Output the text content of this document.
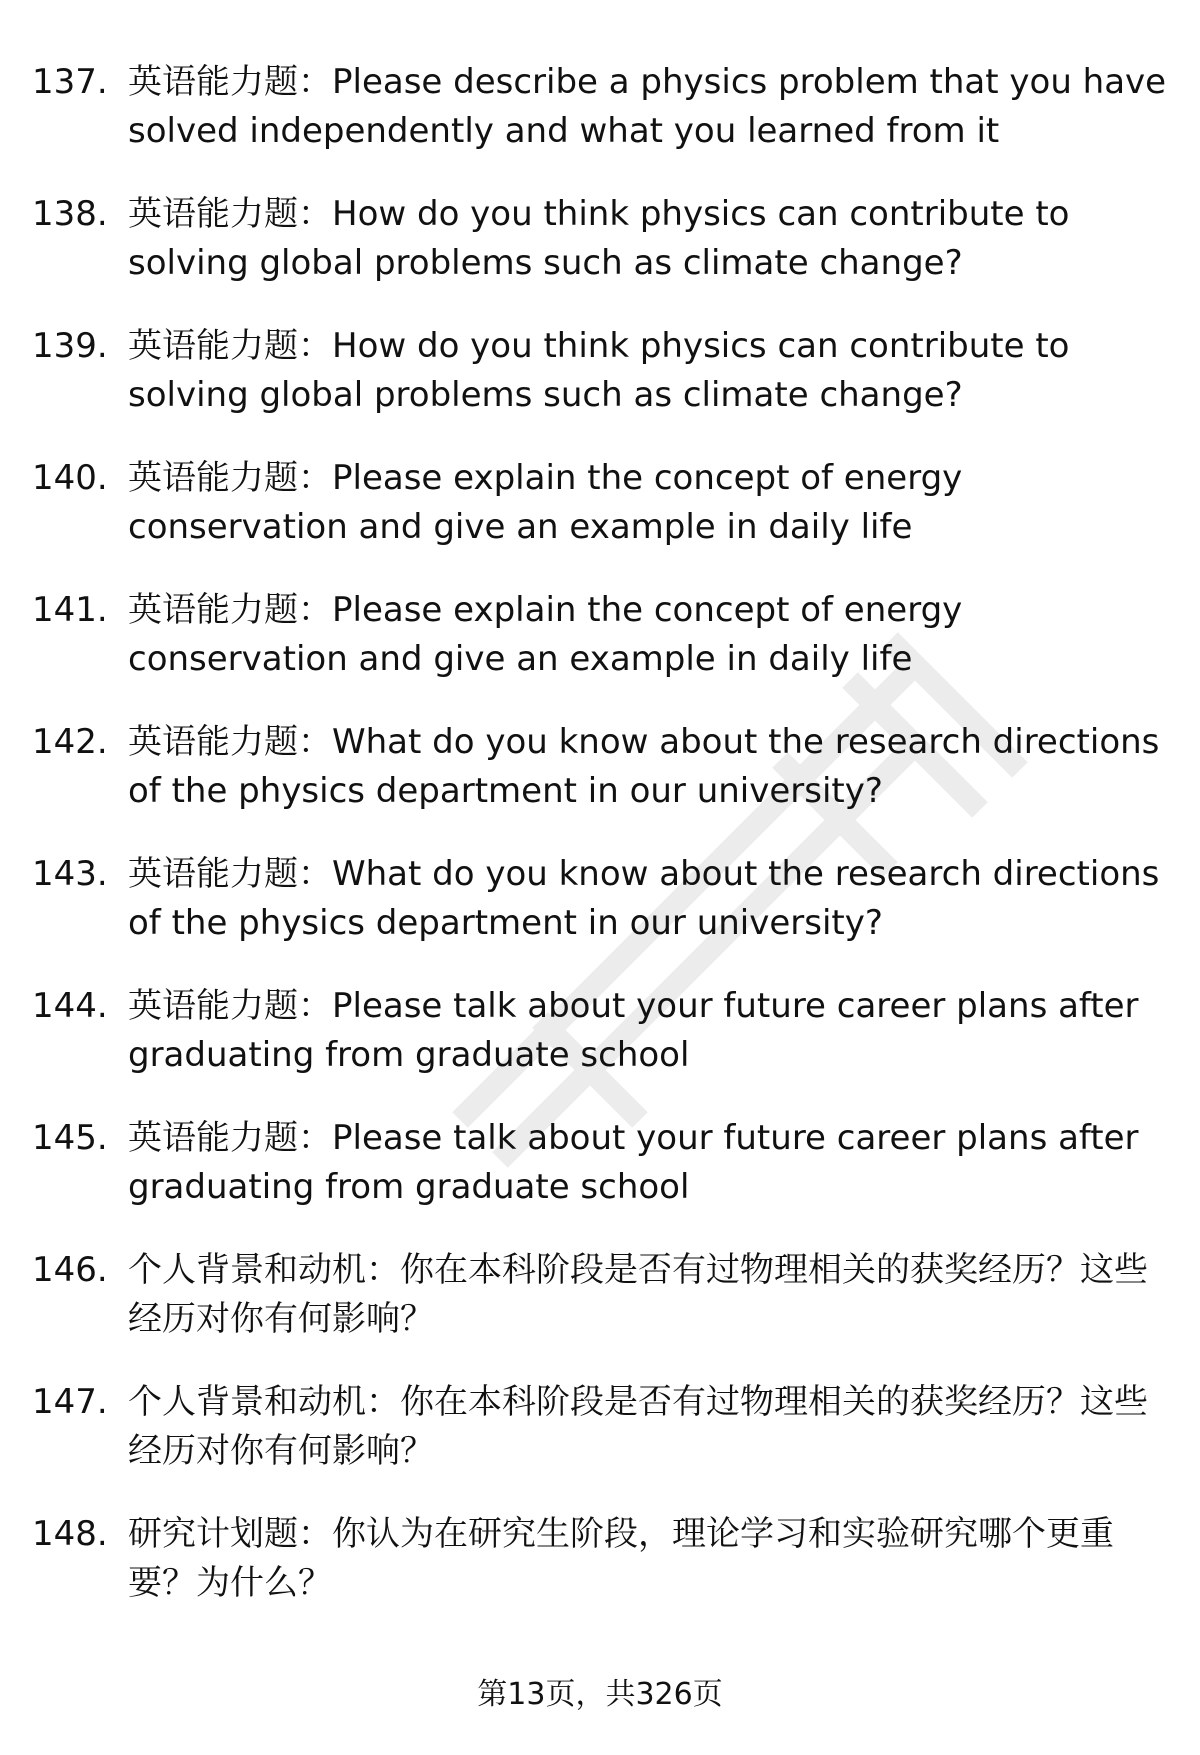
137. 英语能力题：Please describe a physics problem that you have solved independently and what you learned from it
138. 英语能力题：How do you think physics can contribute to solving global problems such as climate change?
139. 英语能力题：How do you think physics can contribute to solving global problems such as climate change?
140. 英语能力题：Please explain the concept of energy conservation and give an example in daily life
141. 英语能力题：Please explain the concept of energy conservation and give an example in daily life
142. 英语能力题：What do you know about the research directions of the physics department in our university?
143. 英语能力题：What do you know about the research directions of the physics department in our university?
144. 英语能力题：Please talk about your future career plans after graduating from graduate school
145. 英语能力题：Please talk about your future career plans after graduating from graduate school
146. 个人背景和动机：你在本科阶段是否有过物理相关的获奖经历？这些经历对你有何影响？
147. 个人背景和动机：你在本科阶段是否有过物理相关的获奖经历？这些经历对你有何影响？
148. 研究计划题：你认为在研究生阶段，理论学习和实验研究哪个更重要？为什么？
第13页，共326页
